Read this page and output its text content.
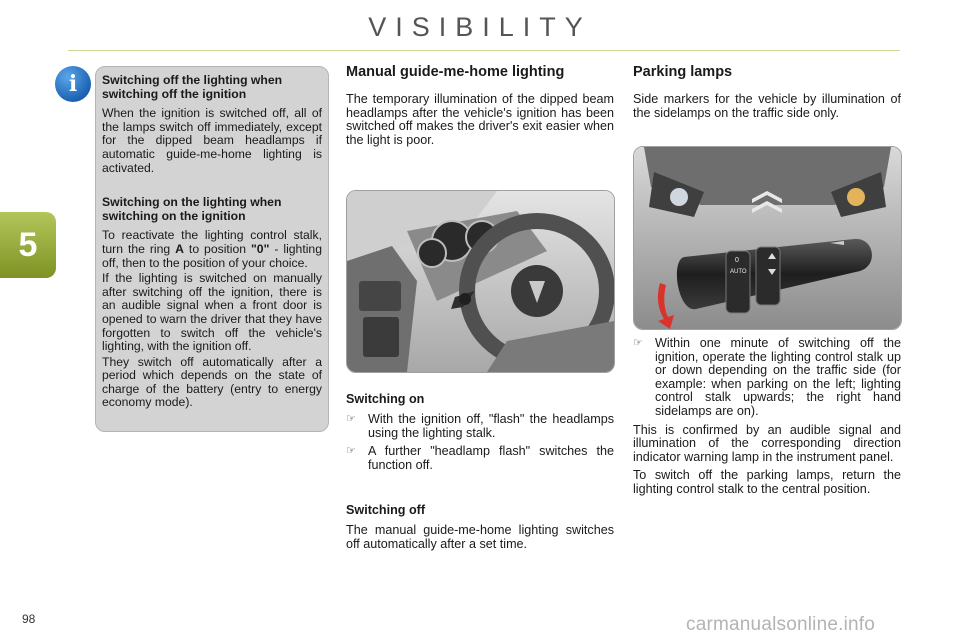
VISIBILITY
5
i Switching off the lighting when switching off the ignition

When the ignition is switched off, all of the lamps switch off immediately, except for the dipped beam headlamps if automatic guide-me-home lighting is activated.

Switching on the lighting when switching on the ignition

To reactivate the lighting control stalk, turn the ring A to position "0" - lighting off, then to the position of your choice.

If the lighting is switched on manually after switching off the ignition, there is an audible signal when a front door is opened to warn the driver that they have forgotten to switch off the vehicle's lighting, with the ignition off.

They switch off automatically after a period which depends on the state of charge of the battery (entry to energy economy mode).

Manual guide-me-home lighting

The temporary illumination of the dipped beam headlamps after the vehicle's ignition has been switched off makes the driver's exit easier when the light is poor.

Switching on

☞ With the ignition off, "flash" the headlamps using the lighting stalk.

☞ A further "headlamp flash" switches the function off.

Switching off

The manual guide-me-home lighting switches off automatically after a set time.

Parking lamps

Side markers for the vehicle by illumination of the sidelamps on the traffic side only.

AUTO
0

☞ Within one minute of switching off the ignition, operate the lighting control stalk up or down depending on the traffic side (for example: when parking on the left; lighting control stalk upwards; the right hand sidelamps are on).

This is confirmed by an audible signal and illumination of the corresponding direction indicator warning lamp in the instrument panel.

To switch off the parking lamps, return the lighting control stalk to the central position.

98	carmanualsonline.info
